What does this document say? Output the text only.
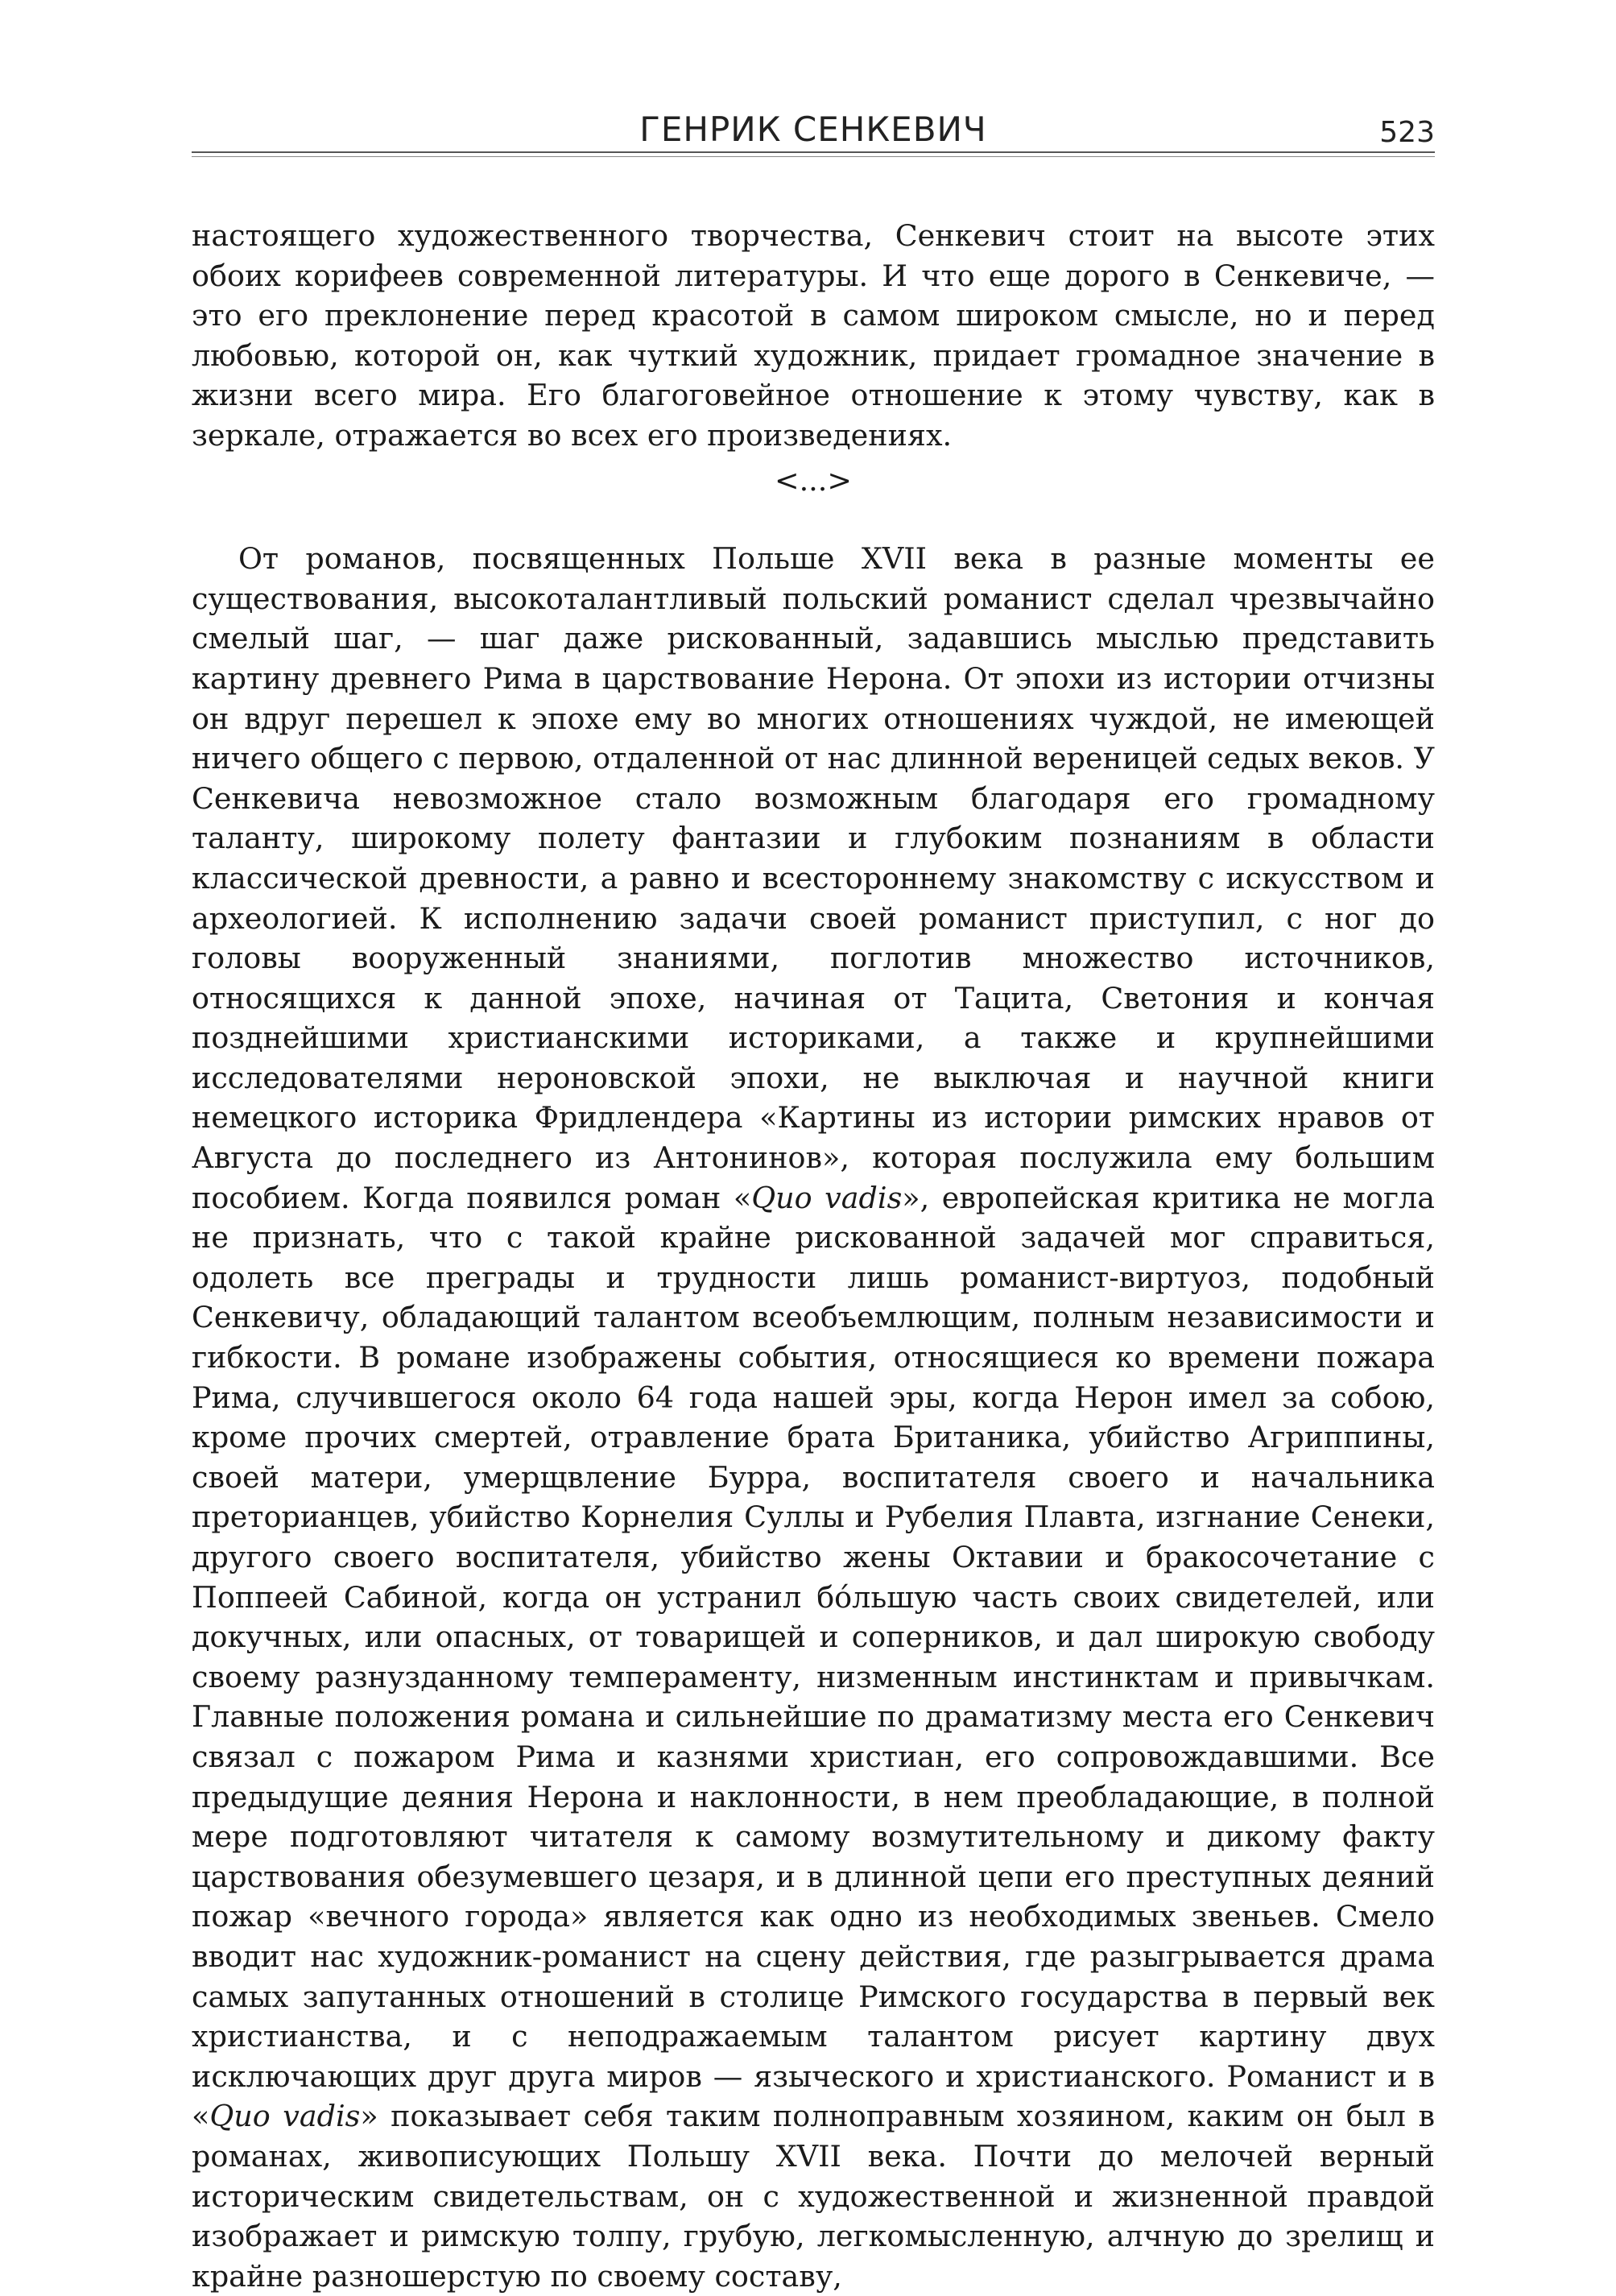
ГЕНРИК СЕНКЕВИЧ	523

настоящего художественного творчества, Сенкевич стоит на высоте этих обоих корифеев современной литературы. И что еще дорого в Сенкевиче, — это его преклонение перед красотой в самом широком смысле, но и перед любовью, которой он, как чуткий художник, придает громадное значение в жизни всего мира. Его благоговейное отношение к этому чувству, как в зеркале, отражается во всех его произведениях.

<...>

От романов, посвященных Польше XVII века в разные моменты ее существования, высокоталантливый польский романист сделал чрезвычайно смелый шаг, — шаг даже рискованный, задавшись мыслью представить картину древнего Рима в царствование Нерона. От эпохи из истории отчизны он вдруг перешел к эпохе ему во многих отношениях чуждой, не имеющей ничего общего с первою, отдаленной от нас длинной вереницей седых веков. У Сенкевича невозможное стало возможным благодаря его громадному таланту, широкому полету фантазии и глубоким познаниям в области классической древности, а равно и всестороннему знакомству с искусством и археологией. К исполнению задачи своей романист приступил, с ног до головы вооруженный знаниями, поглотив множество источников, относящихся к данной эпохе, начиная от Тацита, Светония и кончая позднейшими христианскими историками, а также и крупнейшими исследователями нероновской эпохи, не выключая и научной книги немецкого историка Фридлендера «Картины из истории римских нравов от Августа до последнего из Антонинов», которая послужила ему большим пособием. Когда появился роман «Quo vadis», европейская критика не могла не признать, что с такой крайне рискованной задачей мог справиться, одолеть все преграды и трудности лишь романист-виртуоз, подобный Сенкевичу, обладающий талантом всеобъемлющим, полным независимости и гибкости. В романе изображены события, относящиеся ко времени пожара Рима, случившегося около 64 года нашей эры, когда Нерон имел за собою, кроме прочих смертей, отравление брата Британика, убийство Агриппины, своей матери, умерщвление Бурра, воспитателя своего и начальника преторианцев, убийство Корнелия Суллы и Рубелия Плавта, изгнание Сенеки, другого своего воспитателя, убийство жены Октавии и бракосочетание с Поппеей Сабиной, когда он устранил бóльшую часть своих свидетелей, или докучных, или опасных, от товарищей и соперников, и дал широкую свободу своему разнузданному темпераменту, низменным инстинктам и привычкам. Главные положения романа и сильнейшие по драматизму места его Сенкевич связал с пожаром Рима и казнями христиан, его сопровождавшими. Все предыдущие деяния Нерона и наклонности, в нем преобладающие, в полной мере подготовляют читателя к самому возмутительному и дикому факту царствования обезумевшего цезаря, и в длинной цепи его преступных деяний пожар «вечного города» является как одно из необходимых звеньев. Смело вводит нас художник-романист на сцену действия, где разыгрывается драма самых запутанных отношений в столице Римского государства в первый век христианства, и с неподражаемым талантом рисует картину двух исключающих друг друга миров — языческого и христианского. Романист и в «Quo vadis» показывает себя таким полноправным хозяином, каким он был в романах, живописующих Польшу XVII века. Почти до мелочей верный историческим свидетельствам, он с художественной и жизненной правдой изображает и римскую толпу, грубую, легкомысленную, алчную до зрелищ и крайне разношерстую по своему составу,
